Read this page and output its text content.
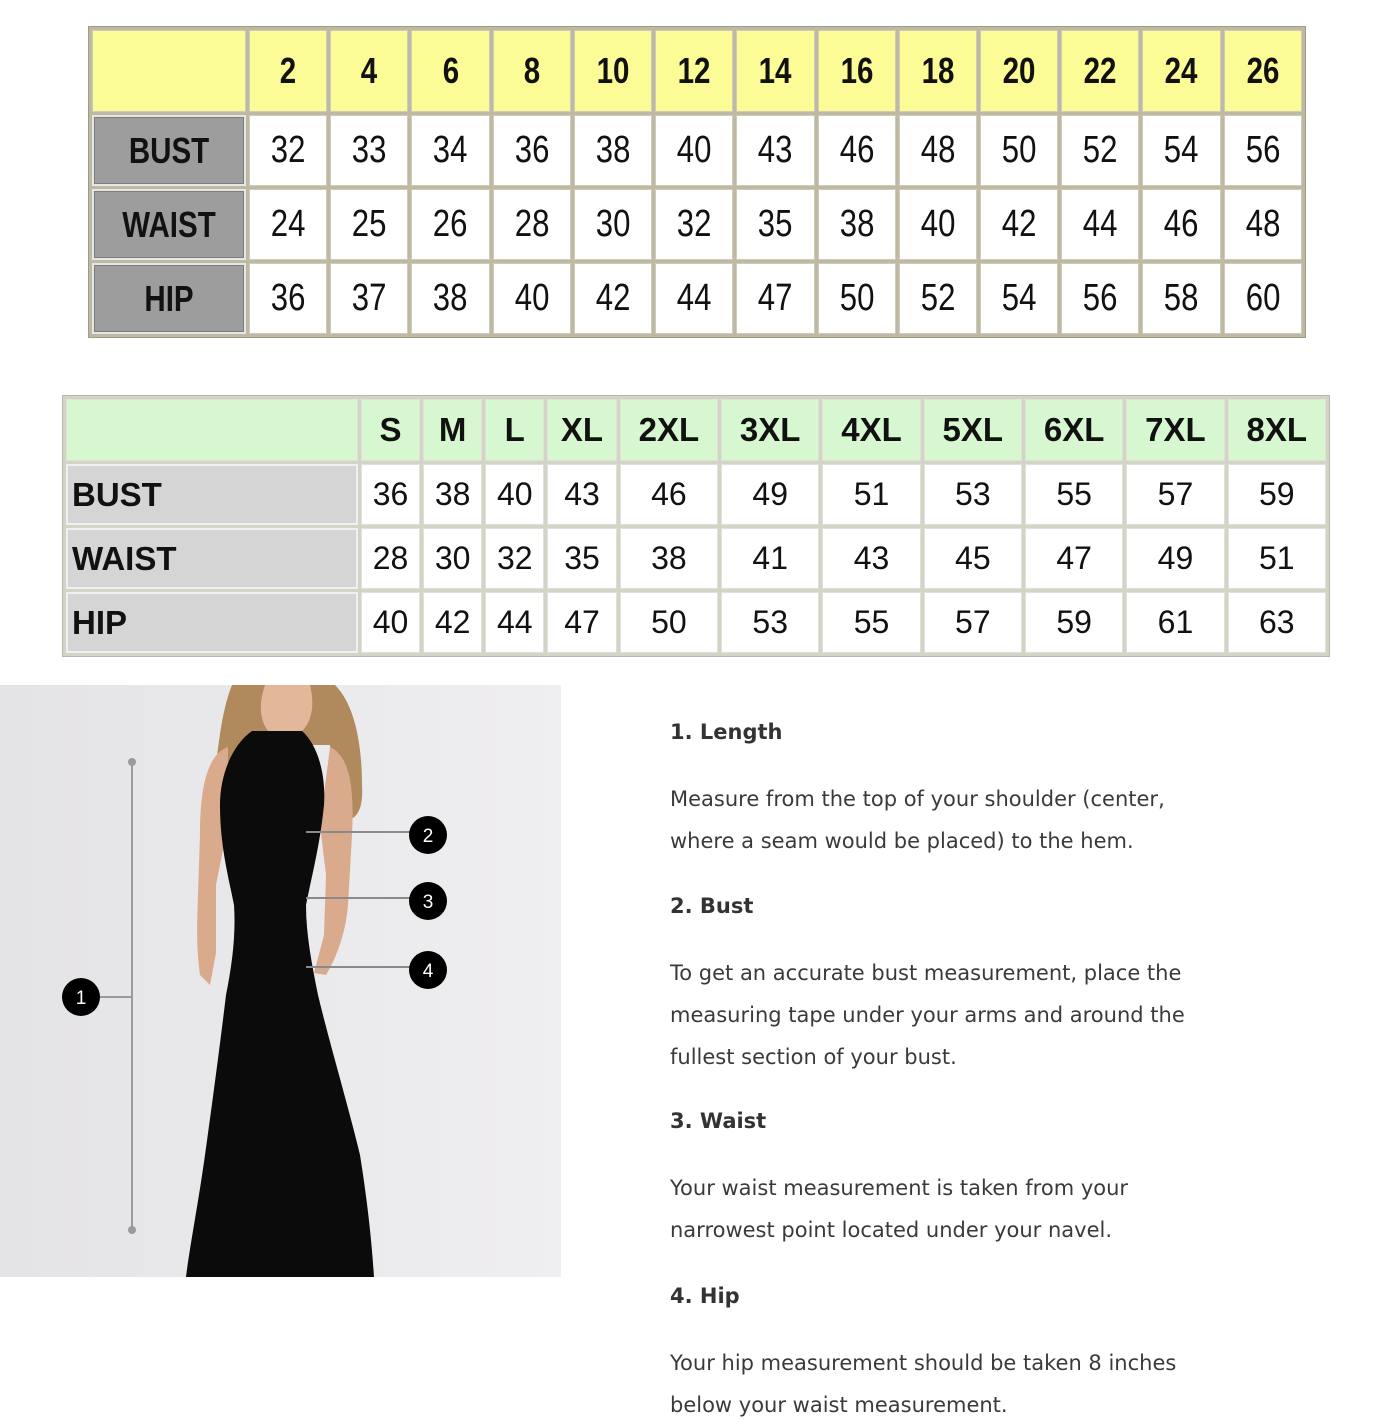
	2	4	6	8	10	12	14	16	18	20	22	24	26
BUST	32	33	34	36	38	40	43	46	48	50	52	54	56
WAIST	24	25	26	28	30	32	35	38	40	42	44	46	48
HIP	36	37	38	40	42	44	47	50	52	54	56	58	60
	S	M	L	XL	2XL	3XL	4XL	5XL	6XL	7XL	8XL
BUST	36	38	40	43	46	49	51	53	55	57	59
WAIST	28	30	32	35	38	41	43	45	47	49	51
HIP	40	42	44	47	50	53	55	57	59	61	63
1
2
3
4

1. Length

Measure from the top of your shoulder (center,

where a seam would be placed) to the hem.

2. Bust

To get an accurate bust measurement, place the

measuring tape under your arms and around the

fullest section of your bust.

3. Waist

Your waist measurement is taken from your

narrowest point located under your navel.

4. Hip

Your hip measurement should be taken 8 inches

below your waist measurement.
